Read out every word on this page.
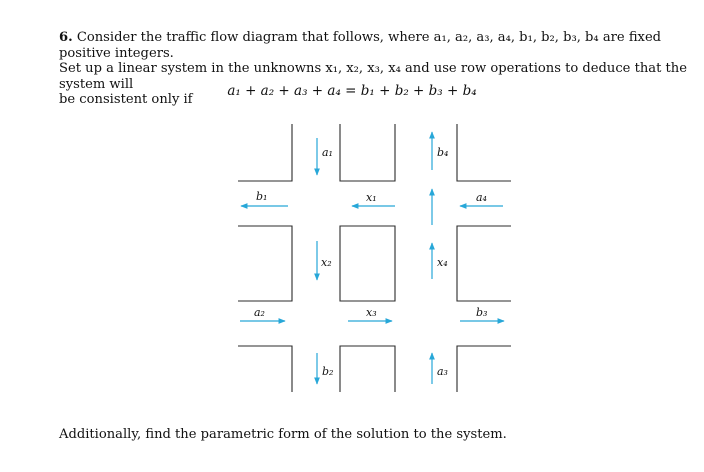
6. Consider the traffic flow diagram that follows, where a₁, a₂, a₃, a₄, b₁, b₂, b₃, b₄ are fixed positive integers.
Set up a linear system in the unknowns x₁, x₂, x₃, x₄ and use row operations to deduce that the system will
be consistent only if
a₁ + a₂ + a₃ + a₄ = b₁ + b₂ + b₃ + b₄
a₁	b₄
b₁	x₁	a₄
x₂	x₄
a₂	x₃	b₃
b₂	a₃
Additionally, find the parametric form of the solution to the system.
